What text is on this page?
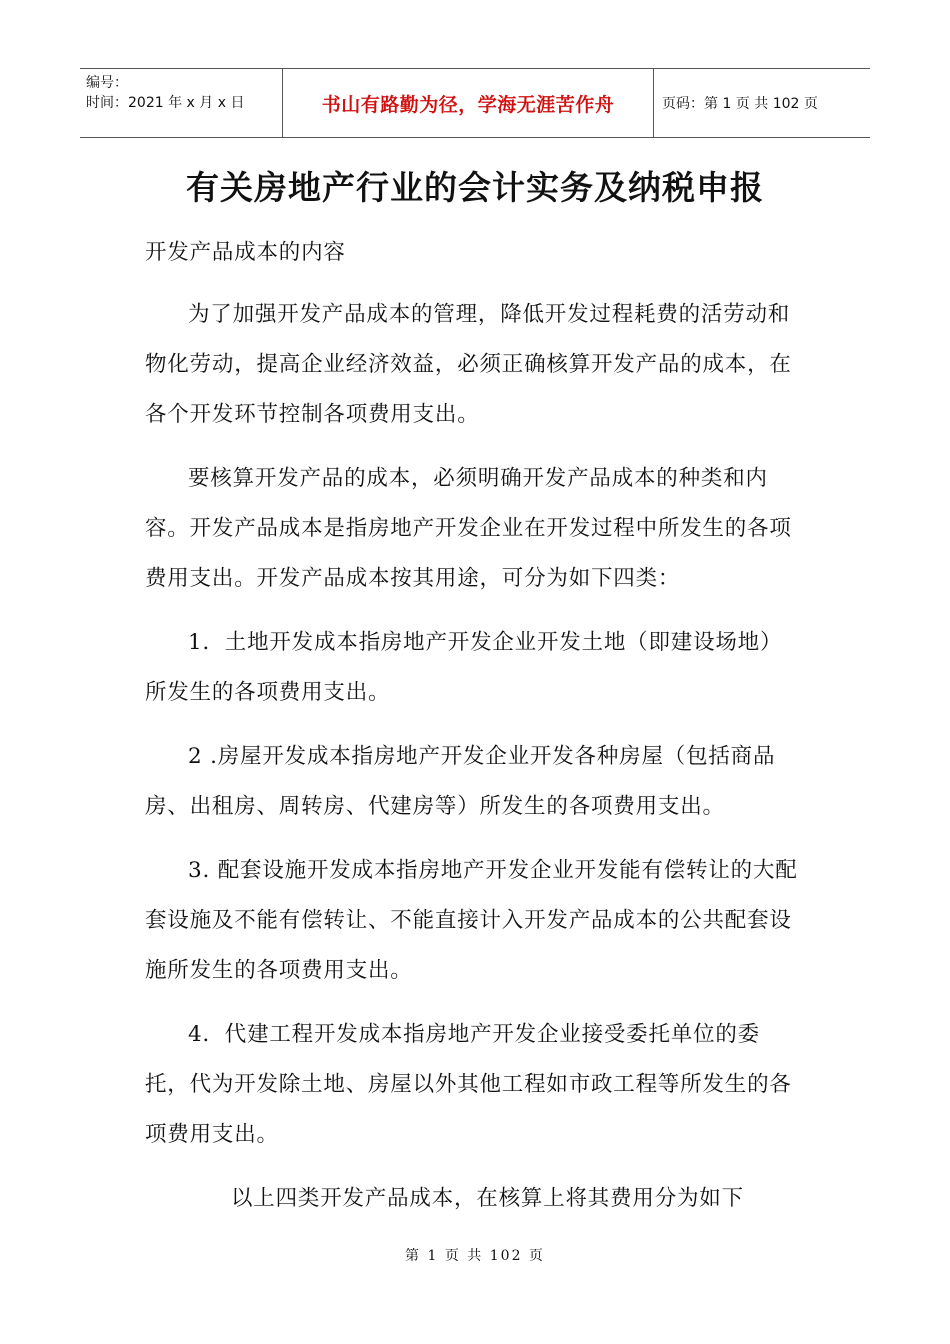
编号：
时间：2021 年 x 月 x 日	书山有路勤为径，学海无涯苦作舟	页码：第 1 页 共 102 页
有关房地产行业的会计实务及纳税申报

开发产品成本的内容

为了加强开发产品成本的管理，降低开发过程耗费的活劳动和物化劳动，提高企业经济效益，必须正确核算开发产品的成本，在各个开发环节控制各项费用支出。

要核算开发产品的成本，必须明确开发产品成本的种类和内容。开发产品成本是指房地产开发企业在开发过程中所发生的各项费用支出。开发产品成本按其用途，可分为如下四类：

1．土地开发成本指房地产开发企业开发土地（即建设场地）所发生的各项费用支出。

2 .房屋开发成本指房地产开发企业开发各种房屋（包括商品房、出租房、周转房、代建房等）所发生的各项费用支出。

3. 配套设施开发成本指房地产开发企业开发能有偿转让的大配套设施及不能有偿转让、不能直接计入开发产品成本的公共配套设施所发生的各项费用支出。

4．代建工程开发成本指房地产开发企业接受委托单位的委托，代为开发除土地、房屋以外其他工程如市政工程等所发生的各项费用支出。

以上四类开发产品成本，在核算上将其费用分为如下

第 1 页 共 102 页
